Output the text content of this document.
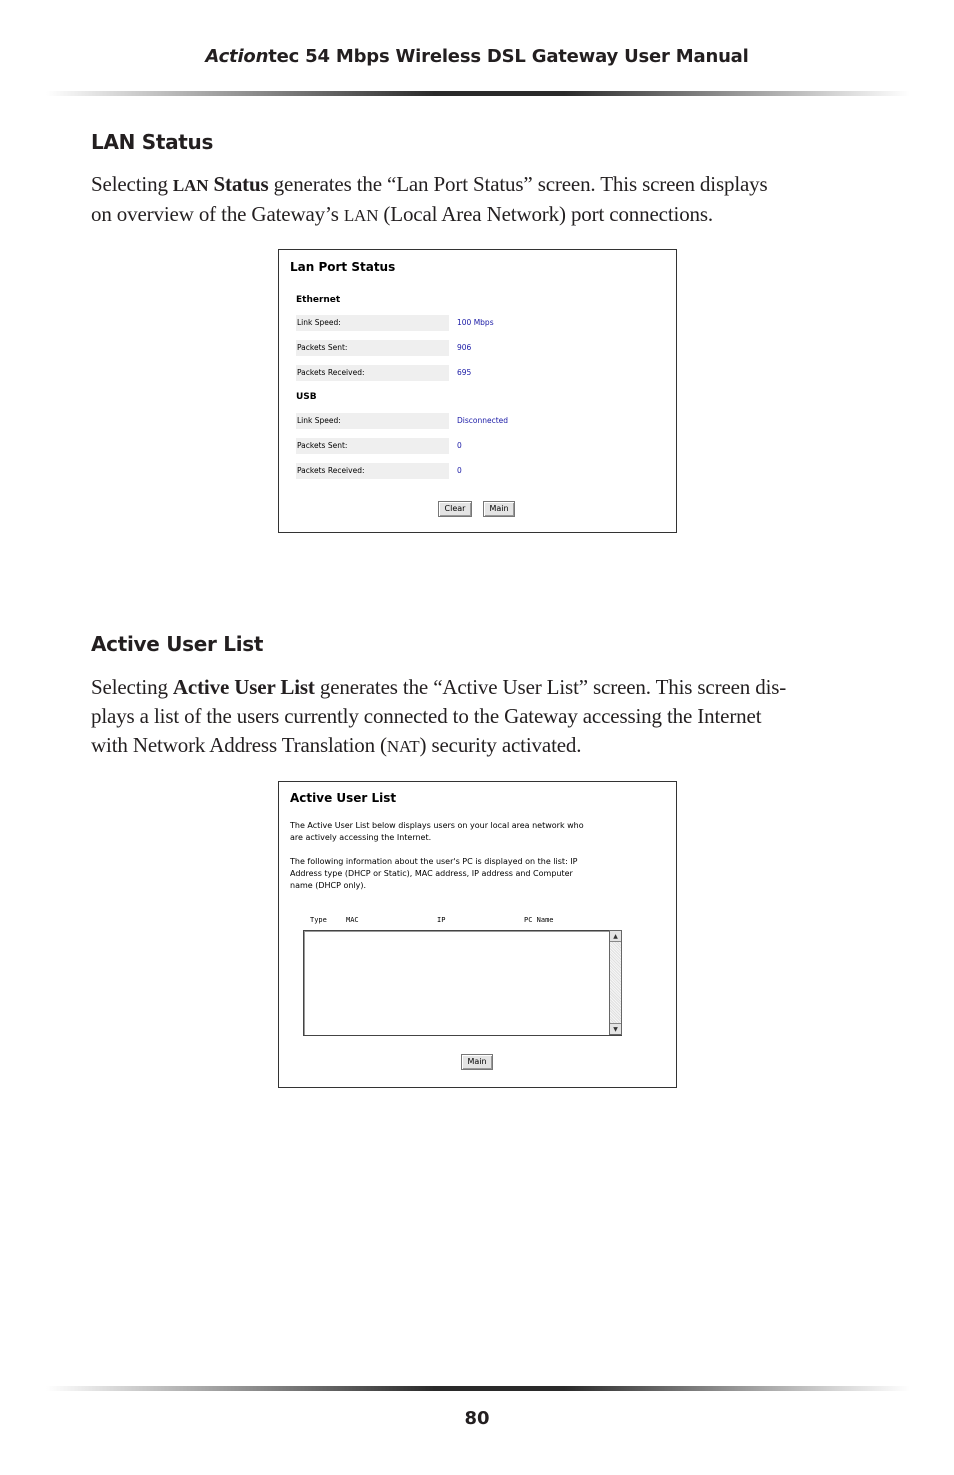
Actiontec 54 Mbps Wireless DSL Gateway User Manual
LAN Status
Selecting LAN Status generates the “Lan Port Status” screen. This screen displays
on overview of the Gateway’s LAN (Local Area Network) port connections.
Lan Port Status
Ethernet
Link Speed:	100 Mbps
Packets Sent:	906
Packets Received:	695
USB
Link Speed:	Disconnected
Packets Sent:	0
Packets Received:	0
Clear	Main
Active User List
Selecting Active User List generates the “Active User List” screen. This screen dis-
plays a list of the users currently connected to the Gateway accessing the Internet
with Network Address Translation (NAT) security activated.
Active User List
The Active User List below displays users on your local area network who
are actively accessing the Internet.
The following information about the user's PC is displayed on the list: IP
Address type (DHCP or Static), MAC address, IP address and Computer
name (DHCP only).
Type	MAC	IP	PC Name
▲
▼
Main
80
